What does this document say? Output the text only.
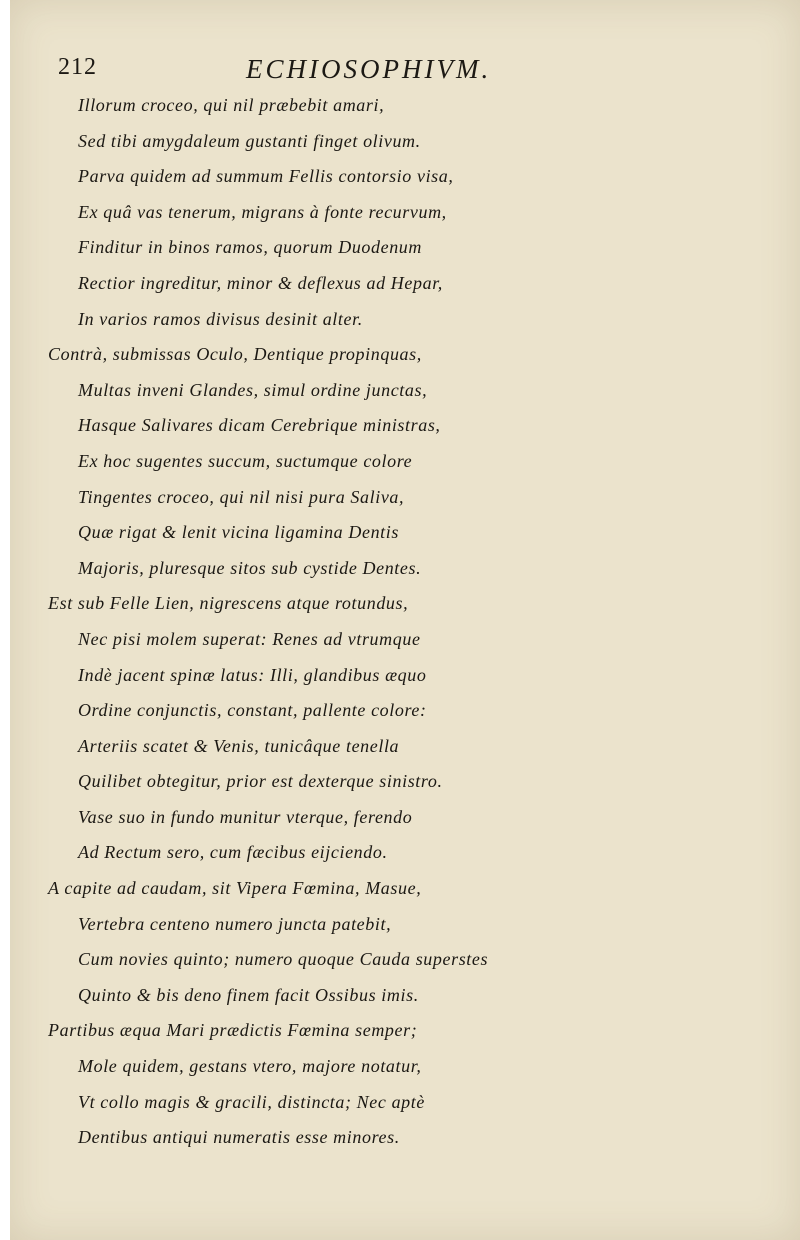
212	ECHIOSOPHIVM.
Illorum croceo, qui nil præbebit amari,
Sed tibi amygdaleum gustanti finget olivum.
Parva quidem ad summum Fellis contorsio visa,
Ex quâ vas tenerum, migrans à fonte recurvum,
Finditur in binos ramos, quorum Duodenum
Rectior ingreditur, minor & deflexus ad Hepar,
In varios ramos divisus desinit alter.
Contrà, submissas Oculo, Dentique propinquas,
Multas inveni Glandes, simul ordine junctas,
Hasque Salivares dicam Cerebrique ministras,
Ex hoc sugentes succum, suctumque colore
Tingentes croceo, qui nil nisi pura Saliva,
Quæ rigat & lenit vicina ligamina Dentis
Majoris, pluresque sitos sub cystide Dentes.
Est sub Felle Lien, nigrescens atque rotundus,
Nec pisi molem superat: Renes ad vtrumque
Indè jacent spinæ latus: Illi, glandibus æquo
Ordine conjunctis, constant, pallente colore:
Arteriis scatet & Venis, tunicâque tenella
Quilibet obtegitur, prior est dexterque sinistro.
Vase suo in fundo munitur vterque, ferendo
Ad Rectum sero, cum fæcibus eijciendo.
A capite ad caudam, sit Vipera Fœmina, Masue,
Vertebra centeno numero juncta patebit,
Cum novies quinto; numero quoque Cauda superstes
Quinto & bis deno finem facit Ossibus imis.
Partibus æqua Mari prædictis Fœmina semper;
Mole quidem, gestans vtero, majore notatur,
Vt collo magis & gracili, distincta; Nec aptè
Dentibus antiqui numeratis esse minores.
